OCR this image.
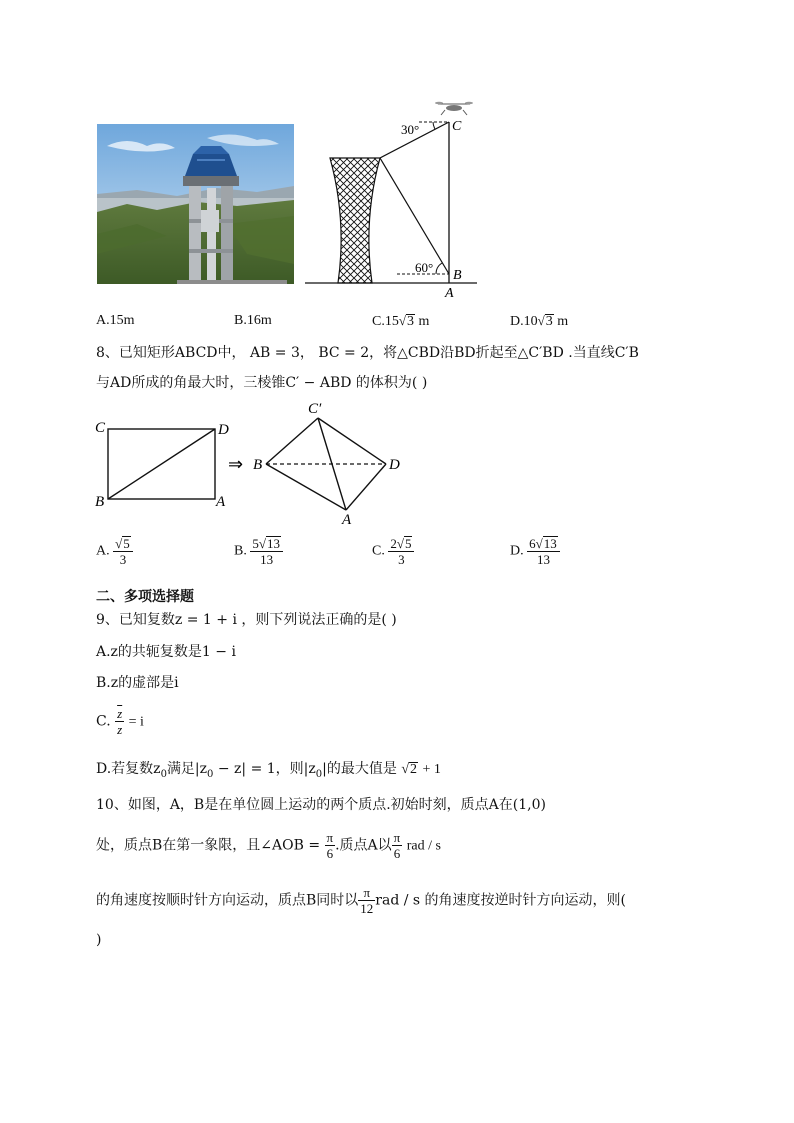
30°
60°
C
B
A
A.15m	B.16m	C.15√3 m	D.10√3 m
8、已知矩形ABCD中， AB = 3， BC = 2，将△CBD沿BD折起至△C′BD .当直线C′B
与AD所成的角最大时，三棱锥C′ − ABD 的体积为( )
C	D
B	A
⇒
C′
B	D
A
A. $\frac{√5}{3}$	B. $\frac{5√13}{13}$	C. $\frac{2√5}{3}$	D. $\frac{6√13}{13}$
二、多项选择题
9、已知复数z = 1 + i ，则下列说法正确的是( )
A.z的共轭复数是1 − i
B.z的虚部是i
C. $\frac{\overline{z}}{z} = i$
D.若复数$z_0$满足$|z_0 - z| = 1$，则$|z_0|$的最大值是 √2 + 1
10、如图，A，B是在单位圆上运动的两个质点.初始时刻，质点A在(1,0)
处，质点B在第一象限，且∠AOB = $\frac{\pi}{6}$ .质点A以 $\frac{\pi}{6}$ rad / s
的角速度按顺时针方向运动，质点B同时以 $\frac{\pi}{12}$ rad / s 的角速度按逆时针方向运动，则(
)
